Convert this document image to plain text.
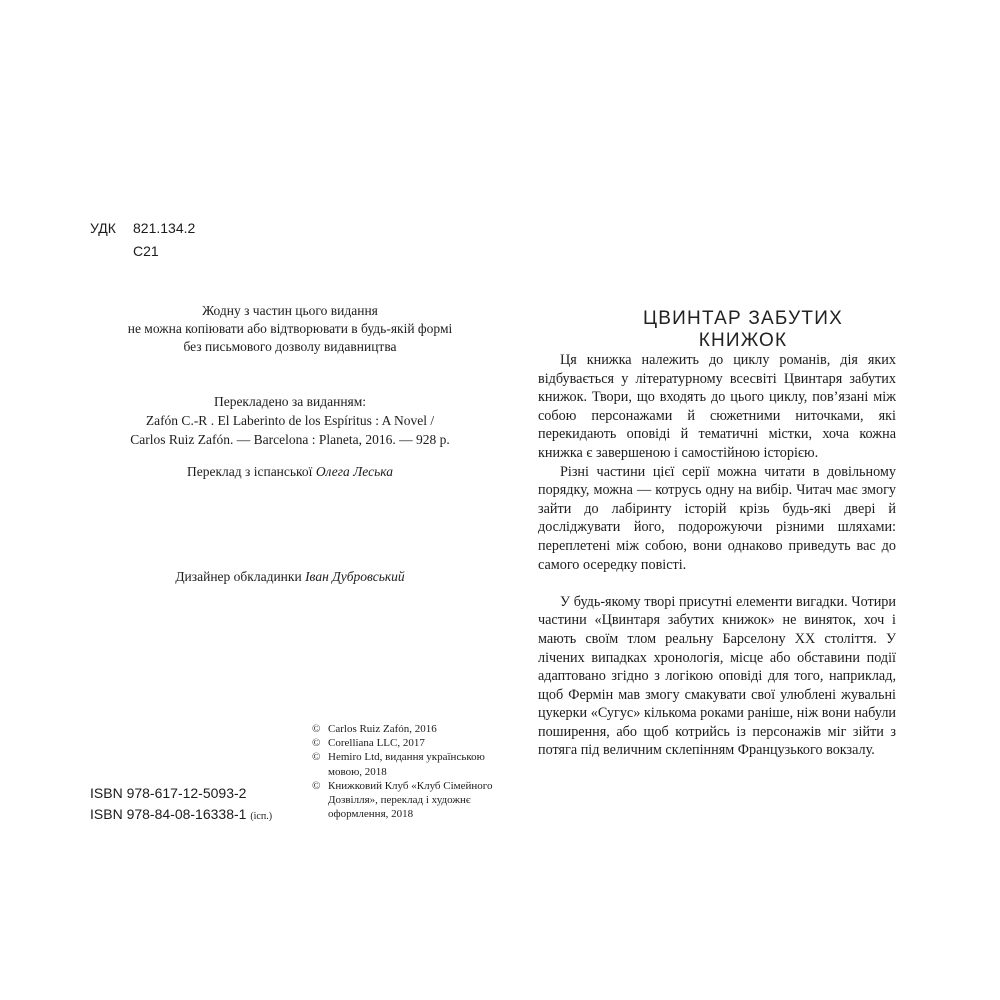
УДК 821.134.2
С21
Жодну з частин цього видання
не можна копіювати або відтворювати в будь-якій формі
без письмового дозволу видавництва
Перекладено за виданням:
Zafón C.-R . El Laberinto de los Espíritus : A Novel /
Carlos Ruiz Zafón. — Barcelona : Planeta, 2016. — 928 p.
Переклад з іспанської Олега Леська
Дизайнер обкладинки Іван Дубровський
© Carlos Ruiz Zafón, 2016
© Corelliana LLC, 2017
© Hemiro Ltd, видання українською мовою, 2018
© Книжковий Клуб «Клуб Сімейного Дозвілля», переклад і художнє оформлення, 2018
ISBN 978-617-12-5093-2
ISBN 978-84-08-16338-1 (ісп.)
ЦВИНТАР ЗАБУТИХ КНИЖОК

Ця книжка належить до циклу романів, дія яких відбувається у літературному всесвіті Цвинтаря забутих книжок. Твори, що входять до цього циклу, пов’язані між собою персонажами й сюжетними ниточками, які перекидають оповіді й тематичні містки, хоча кожна книжка є завершеною і самостійною історією.

Різні частини цієї серії можна читати в довільному порядку, можна — котрусь одну на вибір. Читач має змогу зайти до лабіринту історій крізь будь-які двері й досліджувати його, подорожуючи різними шляхами: переплетені між собою, вони однаково приведуть вас до самого осередку повісті.

У будь-якому творі присутні елементи вигадки. Чотири частини «Цвинтаря забутих книжок» не виняток, хоч і мають своїм тлом реальну Барселону XX століття. У лічених випадках хронологія, місце або обставини події адаптовано згідно з логікою оповіді для того, наприклад, щоб Фермін мав змогу смакувати свої улюблені жувальні цукерки «Сугус» кількома роками раніше, ніж вони набули поширення, або щоб котрийсь із персонажів міг зійти з потяга під величним склепінням Французького вокзалу.
